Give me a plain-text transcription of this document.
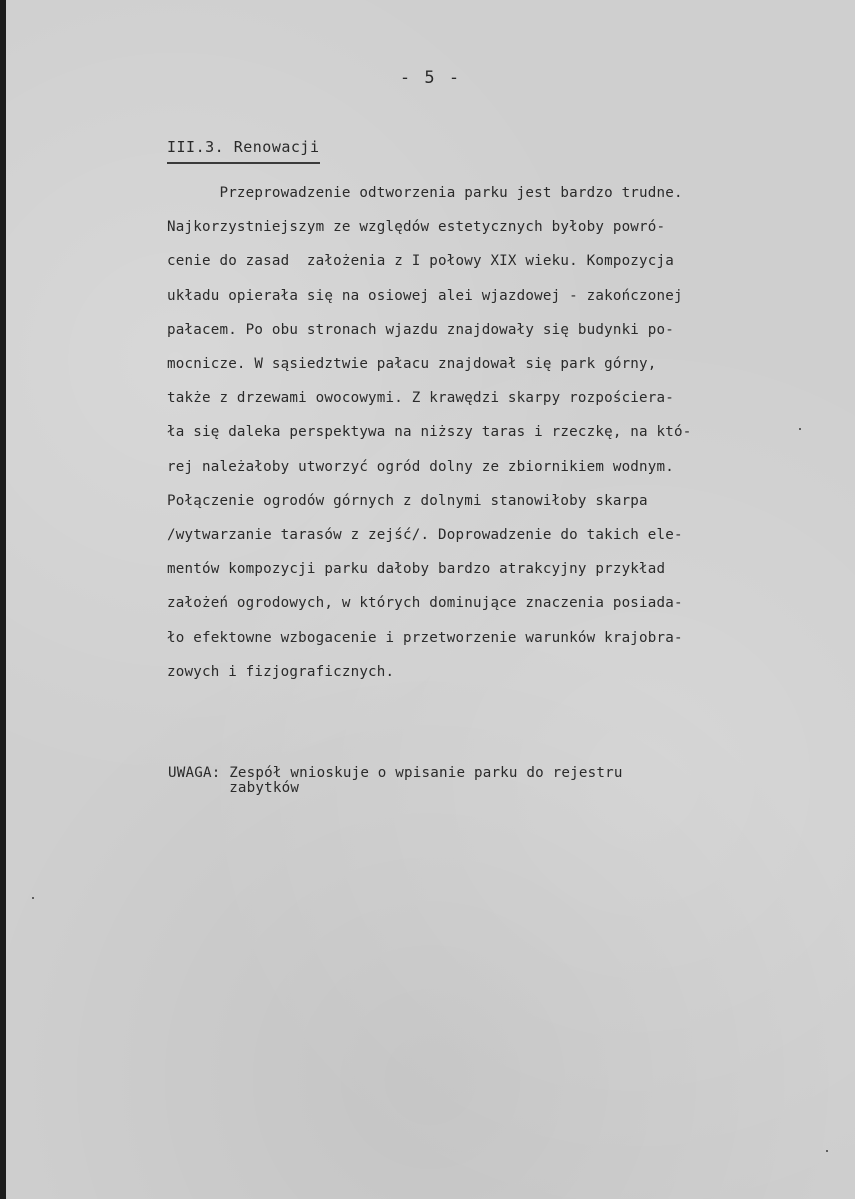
- 5 -
III.3. Renowacji
Przeprowadzenie odtworzenia parku jest bardzo trudne.
Najkorzystniejszym ze względów estetycznych byłoby powró-
cenie do zasad  założenia z I połowy XIX wieku. Kompozycja
układu opierała się na osiowej alei wjazdowej - zakończonej
pałacem. Po obu stronach wjazdu znajdowały się budynki po-
mocnicze. W sąsiedztwie pałacu znajdował się park górny,
także z drzewami owocowymi. Z krawędzi skarpy rozpościera-
ła się daleka perspektywa na niższy taras i rzeczkę, na któ-
rej należałoby utworzyć ogród dolny ze zbiornikiem wodnym.
Połączenie ogrodów górnych z dolnymi stanowiłoby skarpa
/wytwarzanie tarasów z zejść/. Doprowadzenie do takich ele-
mentów kompozycji parku dałoby bardzo atrakcyjny przykład
założeń ogrodowych, w których dominujące znaczenia posiada-
ło efektowne wzbogacenie i przetworzenie warunków krajobra-
zowych i fizjograficznych.
UWAGA: Zespół wnioskuje o wpisanie parku do rejestru
zabytków
